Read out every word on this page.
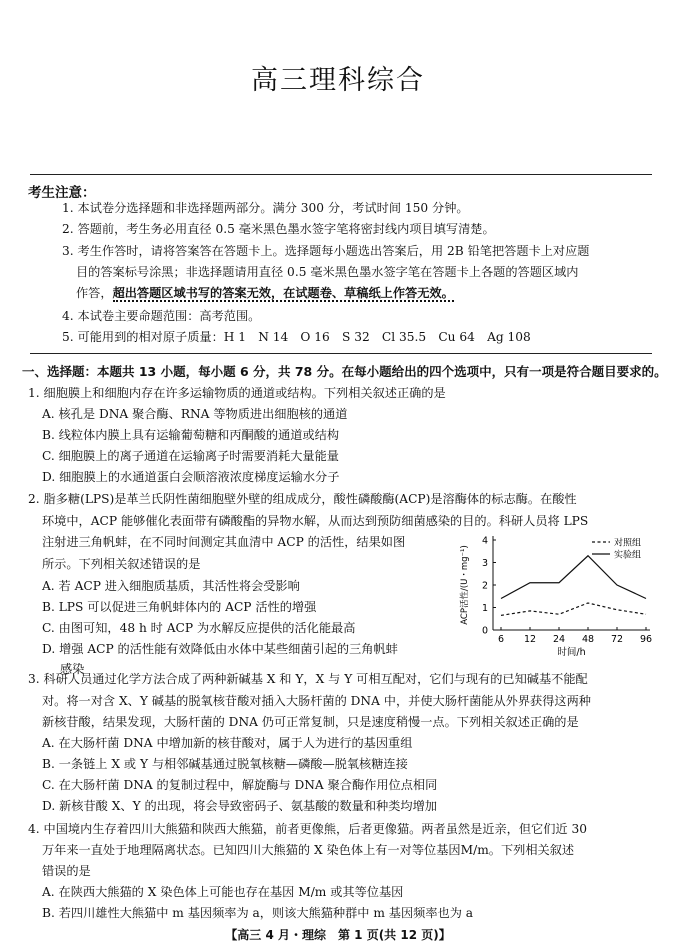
高三理科综合
考生注意：
1. 本试卷分选择题和非选择题两部分。满分 300 分，考试时间 150 分钟。
2. 答题前，考生务必用直径 0.5 毫米黑色墨水签字笔将密封线内项目填写清楚。
3. 考生作答时，请将答案答在答题卡上。选择题每小题选出答案后，用 2B 铅笔把答题卡上对应题
目的答案标号涂黑；非选择题请用直径 0.5 毫米黑色墨水签字笔在答题卡上各题的答题区域内
作答，超出答题区域书写的答案无效，在试题卷、草稿纸上作答无效。
4. 本试卷主要命题范围：高考范围。
5. 可能用到的相对原子质量：H 1　N 14　O 16　S 32　Cl 35.5　Cu 64　Ag 108
一、选择题：本题共 13 小题，每小题 6 分，共 78 分。在每小题给出的四个选项中，只有一项是符合题目要求的。
1. 细胞膜上和细胞内存在许多运输物质的通道或结构。下列相关叙述正确的是
A. 核孔是 DNA 聚合酶、RNA 等物质进出细胞核的通道
B. 线粒体内膜上具有运输葡萄糖和丙酮酸的通道或结构
C. 细胞膜上的离子通道在运输离子时需要消耗大量能量
D. 细胞膜上的水通道蛋白会顺溶液浓度梯度运输水分子
2. 脂多糖(LPS)是革兰氏阴性菌细胞壁外壁的组成成分，酸性磷酸酶(ACP)是溶酶体的标志酶。在酸性
环境中，ACP 能够催化表面带有磷酸酯的异物水解，从而达到预防细菌感染的目的。科研人员将 LPS
注射进三角帆蚌，在不同时间测定其血清中 ACP 的活性，结果如图
所示。下列相关叙述错误的是
A. 若 ACP 进入细胞质基质，其活性将会受影响
B. LPS 可以促进三角帆蚌体内的 ACP 活性的增强
C. 由图可知，48 h 时 ACP 为水解反应提供的活化能最高
D. 增强 ACP 的活性能有效降低由水体中某些细菌引起的三角帆蚌
感染
0
1
2
3
4
6 12 24 48 72 96
时间/h
ACP活性/(U・mg⁻¹)
对照组
实验组
3. 科研人员通过化学方法合成了两种新碱基 X 和 Y，X 与 Y 可相互配对，它们与现有的已知碱基不能配
对。将一对含 X、Y 碱基的脱氧核苷酸对插入大肠杆菌的 DNA 中，并使大肠杆菌能从外界获得这两种
新核苷酸，结果发现，大肠杆菌的 DNA 仍可正常复制，只是速度稍慢一点。下列相关叙述正确的是
A. 在大肠杆菌 DNA 中增加新的核苷酸对，属于人为进行的基因重组
B. 一条链上 X 或 Y 与相邻碱基通过脱氧核糖—磷酸—脱氧核糖连接
C. 在大肠杆菌 DNA 的复制过程中，解旋酶与 DNA 聚合酶作用位点相同
D. 新核苷酸 X、Y 的出现，将会导致密码子、氨基酸的数量和种类均增加
4. 中国境内生存着四川大熊猫和陕西大熊猫，前者更像熊，后者更像猫。两者虽然是近亲，但它们近 30
万年来一直处于地理隔离状态。已知四川大熊猫的 X 染色体上有一对等位基因M/m。下列相关叙述
错误的是
A. 在陕西大熊猫的 X 染色体上可能也存在基因 M/m 或其等位基因
B. 若四川雄性大熊猫中 m 基因频率为 a，则该大熊猫种群中 m 基因频率也为 a
【高三 4 月・理综　第 1 页(共 12 页)】
